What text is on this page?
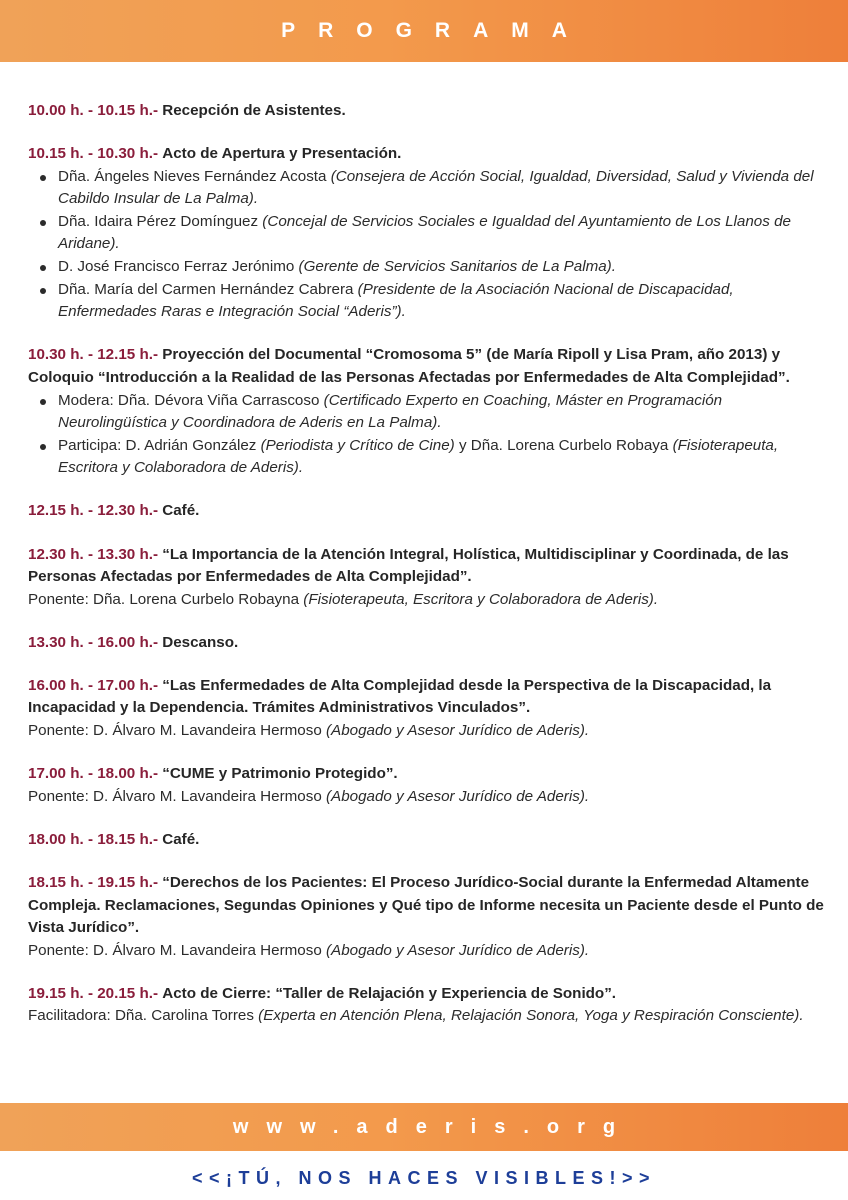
PROGRAMA
10.00 h. - 10.15 h.- Recepción de Asistentes.
10.15 h. - 10.30 h.- Acto de Apertura y Presentación.
Dña. Ángeles Nieves Fernández Acosta (Consejera de Acción Social, Igualdad, Diversidad, Salud y Vivienda del Cabildo Insular de La Palma).
Dña. Idaira Pérez Domínguez (Concejal de Servicios Sociales e Igualdad del Ayuntamiento de Los Llanos de Aridane).
D. José Francisco Ferraz Jerónimo (Gerente de Servicios Sanitarios de La Palma).
Dña. María del Carmen Hernández Cabrera (Presidente de la Asociación Nacional de Discapacidad, Enfermedades Raras e Integración Social “Aderis”).
10.30 h. - 12.15 h.- Proyección del Documental “Cromosoma 5” (de María Ripoll y Lisa Pram, año 2013) y Coloquio “Introducción a la Realidad de las Personas Afectadas por Enfermedades de Alta Complejidad”.
Modera: Dña. Dévora Viña Carrascoso (Certificado Experto en Coaching, Máster en Programación Neurolingüística y Coordinadora de Aderis en La Palma).
Participa: D. Adrián González (Periodista y Crítico de Cine) y Dña. Lorena Curbelo Robaya (Fisioterapeuta, Escritora y Colaboradora de Aderis).
12.15 h. - 12.30 h.- Café.
12.30 h. - 13.30 h.- “La Importancia de la Atención Integral, Holística, Multidisciplinar y Coordinada, de las Personas Afectadas por Enfermedades de Alta Complejidad”.
Ponente: Dña. Lorena Curbelo Robayna (Fisioterapeuta, Escritora y Colaboradora de Aderis).
13.30 h. - 16.00 h.- Descanso.
16.00 h. - 17.00 h.- “Las Enfermedades de Alta Complejidad desde la Perspectiva de la Discapacidad, la Incapacidad y la Dependencia. Trámites Administrativos Vinculados”.
Ponente: D. Álvaro M. Lavandeira Hermoso (Abogado y Asesor Jurídico de Aderis).
17.00 h. - 18.00 h.- “CUME y Patrimonio Protegido”.
Ponente: D. Álvaro M. Lavandeira Hermoso (Abogado y Asesor Jurídico de Aderis).
18.00 h. - 18.15 h.- Café.
18.15 h. - 19.15 h.- “Derechos de los Pacientes: El Proceso Jurídico-Social durante la Enfermedad Altamente Compleja. Reclamaciones, Segundas Opiniones y Qué tipo de Informe necesita un Paciente desde el Punto de Vista Jurídico”.
Ponente: D. Álvaro M. Lavandeira Hermoso (Abogado y Asesor Jurídico de Aderis).
19.15 h. - 20.15 h.- Acto de Cierre: “Taller de Relajación y Experiencia de Sonido”.
Facilitadora: Dña. Carolina Torres (Experta en Atención Plena, Relajación Sonora, Yoga y Respiración Consciente).
www.aderis.org
<<¡TÚ, NOS HACES VISIBLES!>>
